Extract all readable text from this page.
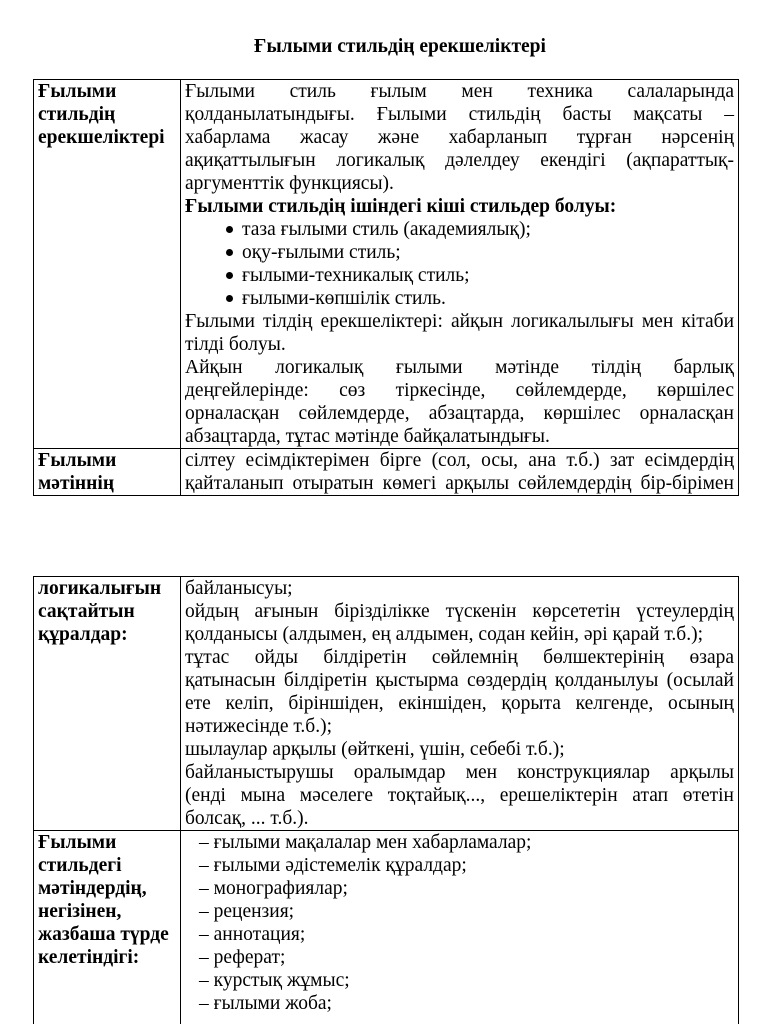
Ғылыми стильдің ерекшеліктері
Ғылыми
стильдің
ерекшеліктері
Ғылыми стиль ғылым мен техника салаларында
қолданылатындығы. Ғылыми стильдің басты мақсаты –
хабарлама жасау және хабарланып тұрған нәрсенің
ақиқаттылығын логикалық дәлелдеу екендігі (ақпараттық-
аргументтік функциясы).
Ғылыми стильдің ішіндегі кіші стильдер болуы:
таза ғылыми стиль (академиялық);
оқу-ғылыми стиль;
ғылыми-техникалық стиль;
ғылыми-көпшілік стиль.
Ғылыми тілдің ерекшеліктері: айқын логикалылығы мен кітаби
тілді болуы.
Айқын логикалық ғылыми мәтінде тілдің барлық
деңгейлерінде: сөз тіркесінде, сөйлемдерде, көршілес
орналасқан сөйлемдерде, абзацтарда, көршілес орналасқан
абзацтарда, тұтас мәтінде байқалатындығы.
Ғылыми
мәтіннің
сілтеу есімдіктерімен бірге (сол, осы, ана т.б.) зат есімдердің
қайталанып отыратын көмегі арқылы сөйлемдердің бір-бірімен
логикалығын
сақтайтын
құралдар:
байланысуы;
ойдың ағынын бірізділікке түскенін көрсететін үстеулердің
қолданысы (алдымен, ең алдымен, содан кейін, әрі қарай т.б.);
тұтас ойды білдіретін сөйлемнің бөлшектерінің өзара
қатынасын білдіретін қыстырма сөздердің қолданылуы (осылай
ете келіп, біріншіден, екіншіден, қорыта келгенде, осының
нәтижесінде т.б.);
шылаулар арқылы (өйткені, үшін, себебі т.б.);
байланыстырушы оралымдар мен конструкциялар арқылы
(енді мына мәселеге тоқтайық..., ерешеліктерін атап өтетін
болсақ, ... т.б.).
Ғылыми
стильдегі
мәтіндердің,
негізінен,
жазбаша түрде
келетіндігі:
– ғылыми мақалалар мен хабарламалар;
– ғылыми әдістемелік құралдар;
– монографиялар;
– рецензия;
– аннотация;
– реферат;
– курстық жұмыс;
– ғылыми жоба;
